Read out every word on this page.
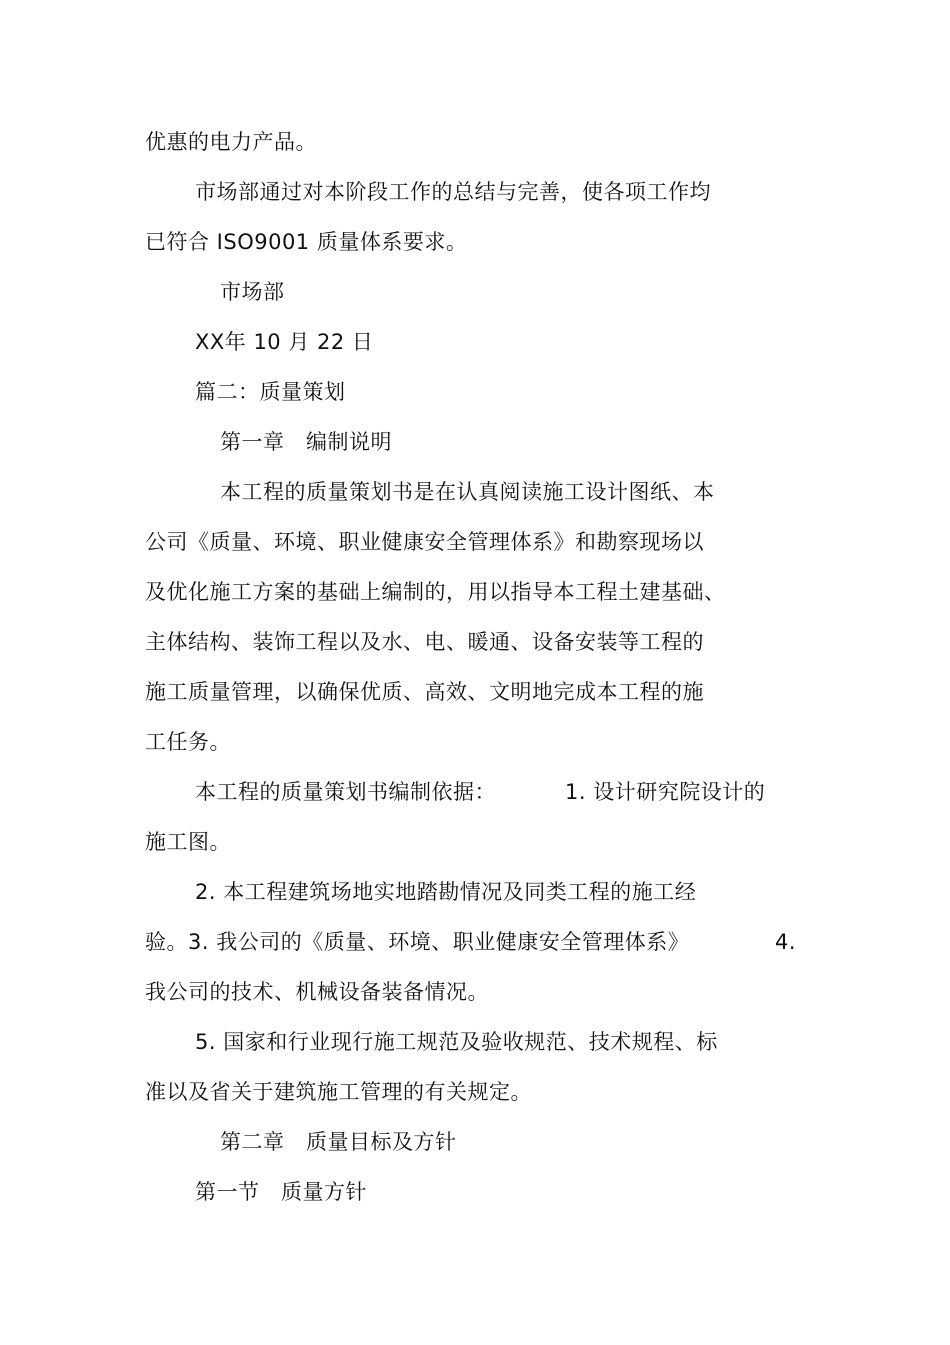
优惠的电力产品。
市场部通过对本阶段工作的总结与完善，使各项工作均
已符合 ISO9001 质量体系要求。
市场部
XX年 10 月 22 日
篇二：质量策划
第一章　编制说明
本工程的质量策划书是在认真阅读施工设计图纸、本
公司《质量、环境、职业健康安全管理体系》和勘察现场以
及优化施工方案的基础上编制的，用以指导本工程土建基础、
主体结构、装饰工程以及水、电、暖通、设备安装等工程的
施工质量管理，以确保优质、高效、文明地完成本工程的施
工任务。
本工程的质量策划书编制依据：	1. 设计研究院设计的
施工图。
2. 本工程建筑场地实地踏勘情况及同类工程的施工经
验。3. 我公司的《质量、环境、职业健康安全管理体系》	4.
我公司的技术、机械设备装备情况。
5. 国家和行业现行施工规范及验收规范、技术规程、标
准以及省关于建筑施工管理的有关规定。
第二章　质量目标及方针
第一节　质量方针
